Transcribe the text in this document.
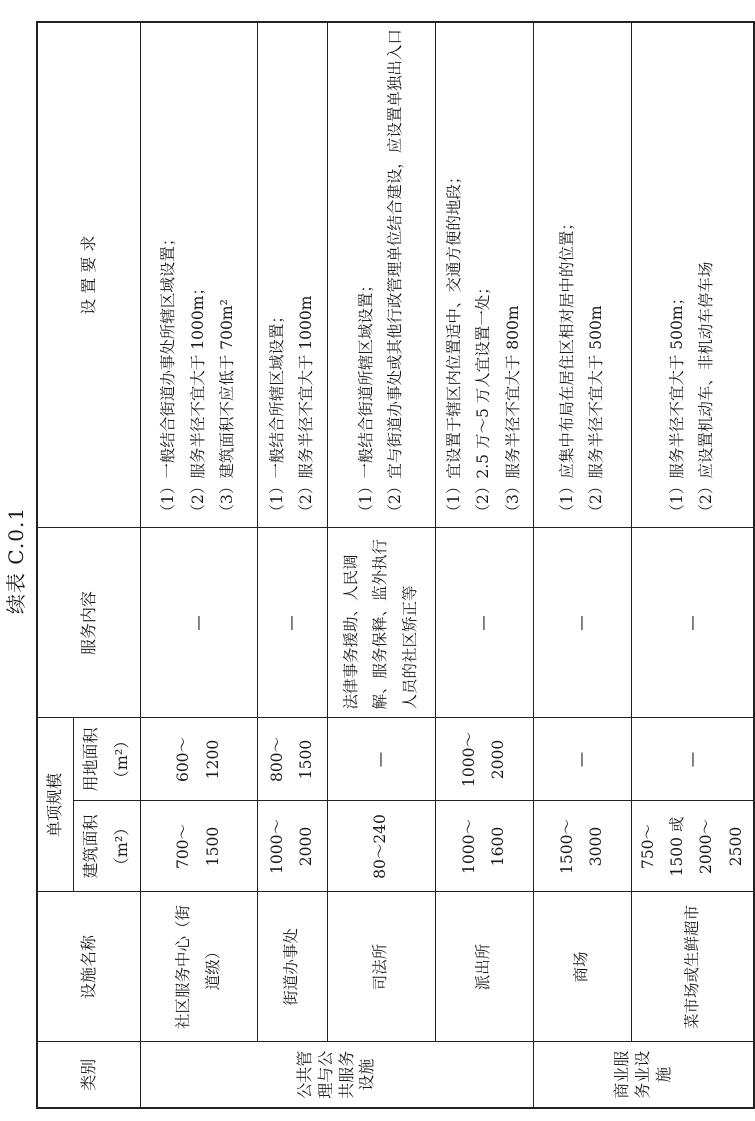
续表 C.0.1
类别	设施名称	单项规模		服务内容	设 置 要 求
		建筑面积（m²）	用地面积（m²）		
公共管理与公共服务设施	社区服务中心（街道级）	700～1500	600～1200	—	（1）一般结合街道办事处所辖区域设置； （2）服务半径不宜大于 1000m； （3）建筑面积不应低于 700m²

	街道办事处	1000～2000	800～1500	—	（1）一般结合所辖区域设置； （2）服务半径不宜大于 1000m

	司法所	80～240	—	法律事务援助、人民调解、服务保释、监外执行人员的社区矫正等	（1）一般结合街道所辖区域设置； （2）宜与街道办事处或其他行政管理单位结合建设，应设置单独出入口

	派出所	1000～1600	1000～2000	—	（1）宜设置于辖区内位置适中、交通方便的地段； （2）2.5 万～5 万人宜设置一处； （3）服务半径不宜大于 800m

商业服务业设施	商场	1500～3000	—	—	（1）应集中布局在居住区相对居中的位置； （2）服务半径不宜大于 500m

	菜市场或生鲜超市	750～1500 或 2000～2500	—	—	（1）服务半径不宜大于 500m； （2）应设置机动车、非机动车停车场
